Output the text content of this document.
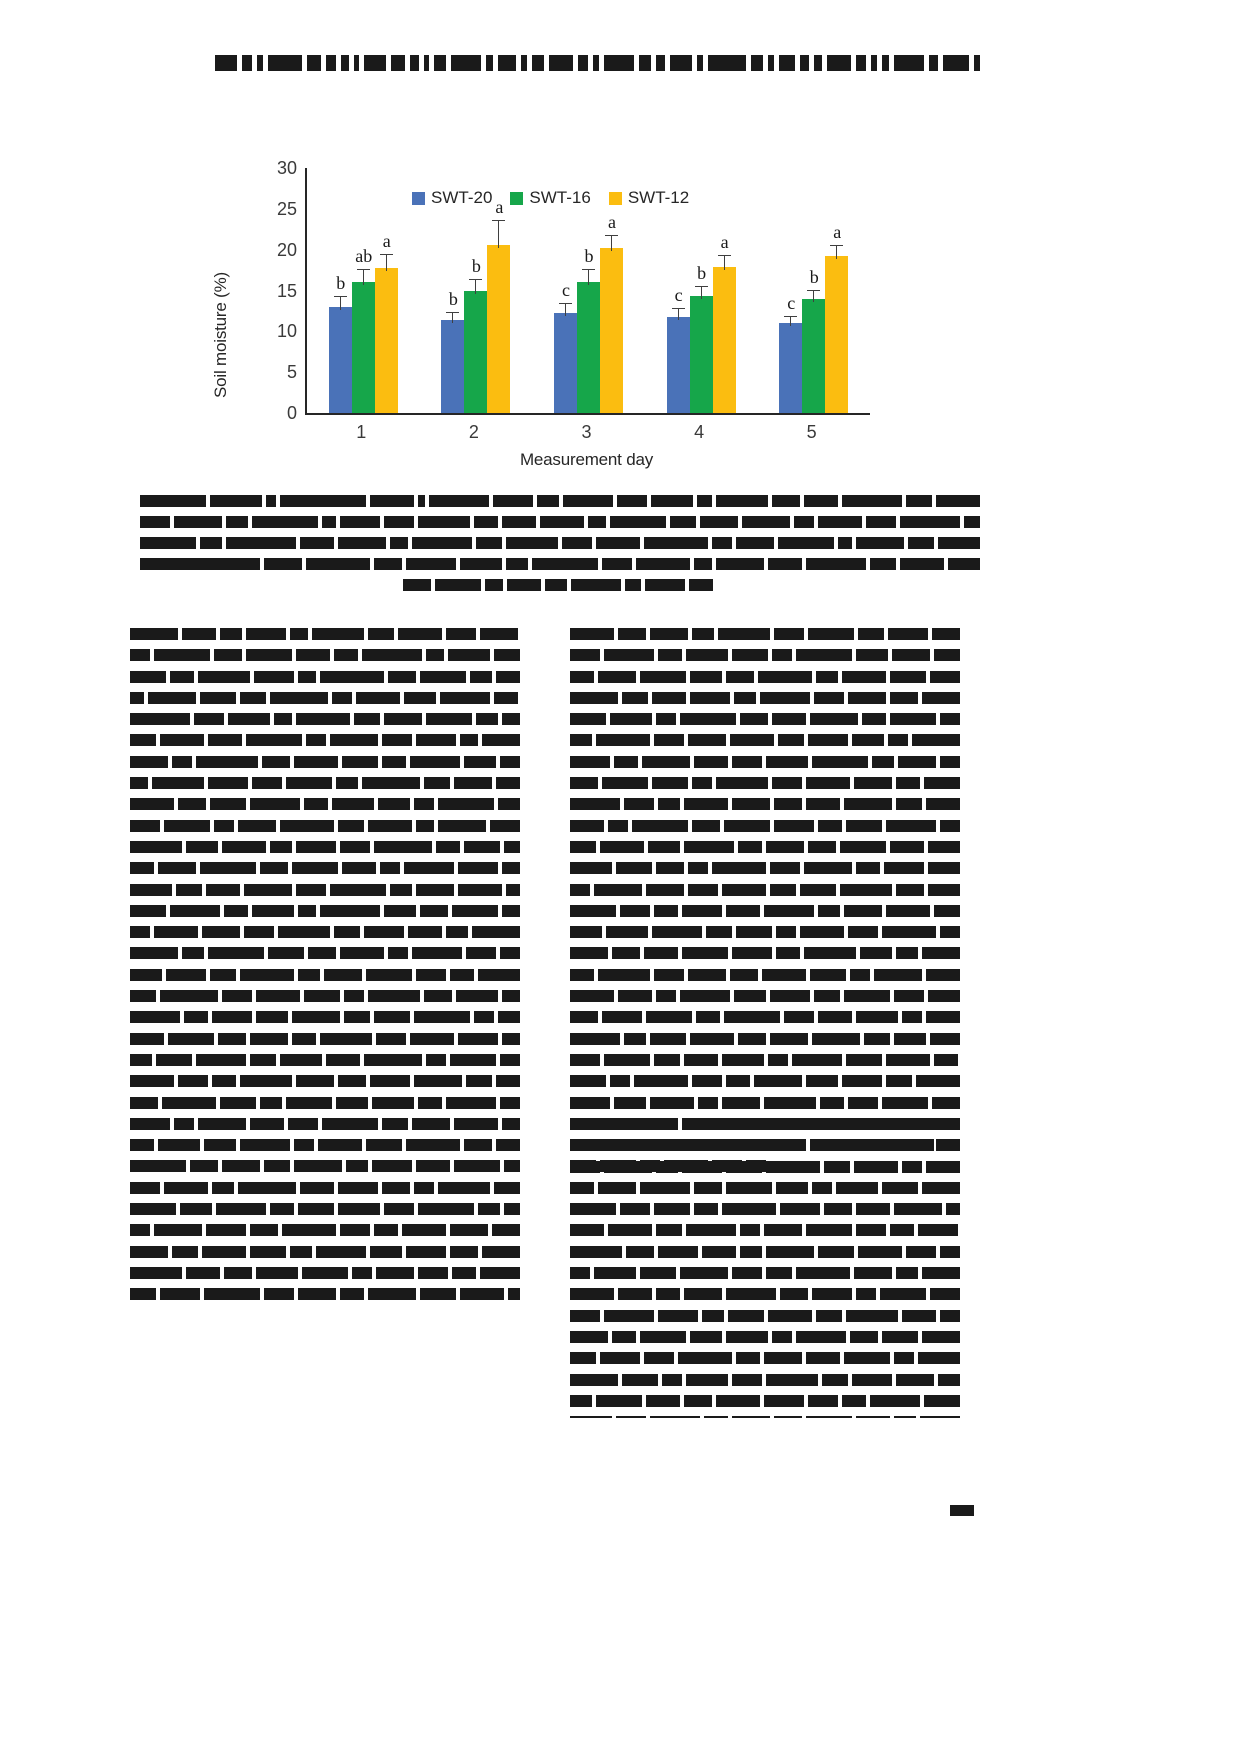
Soil moisture (%)
0
5
10
15
20
25
30
SWT-20 SWT-16 SWT-12
b
ab
a
b
b
a
c
b
a
c
b
a
c
b
a
1	2	3	4	5
Measurement day
